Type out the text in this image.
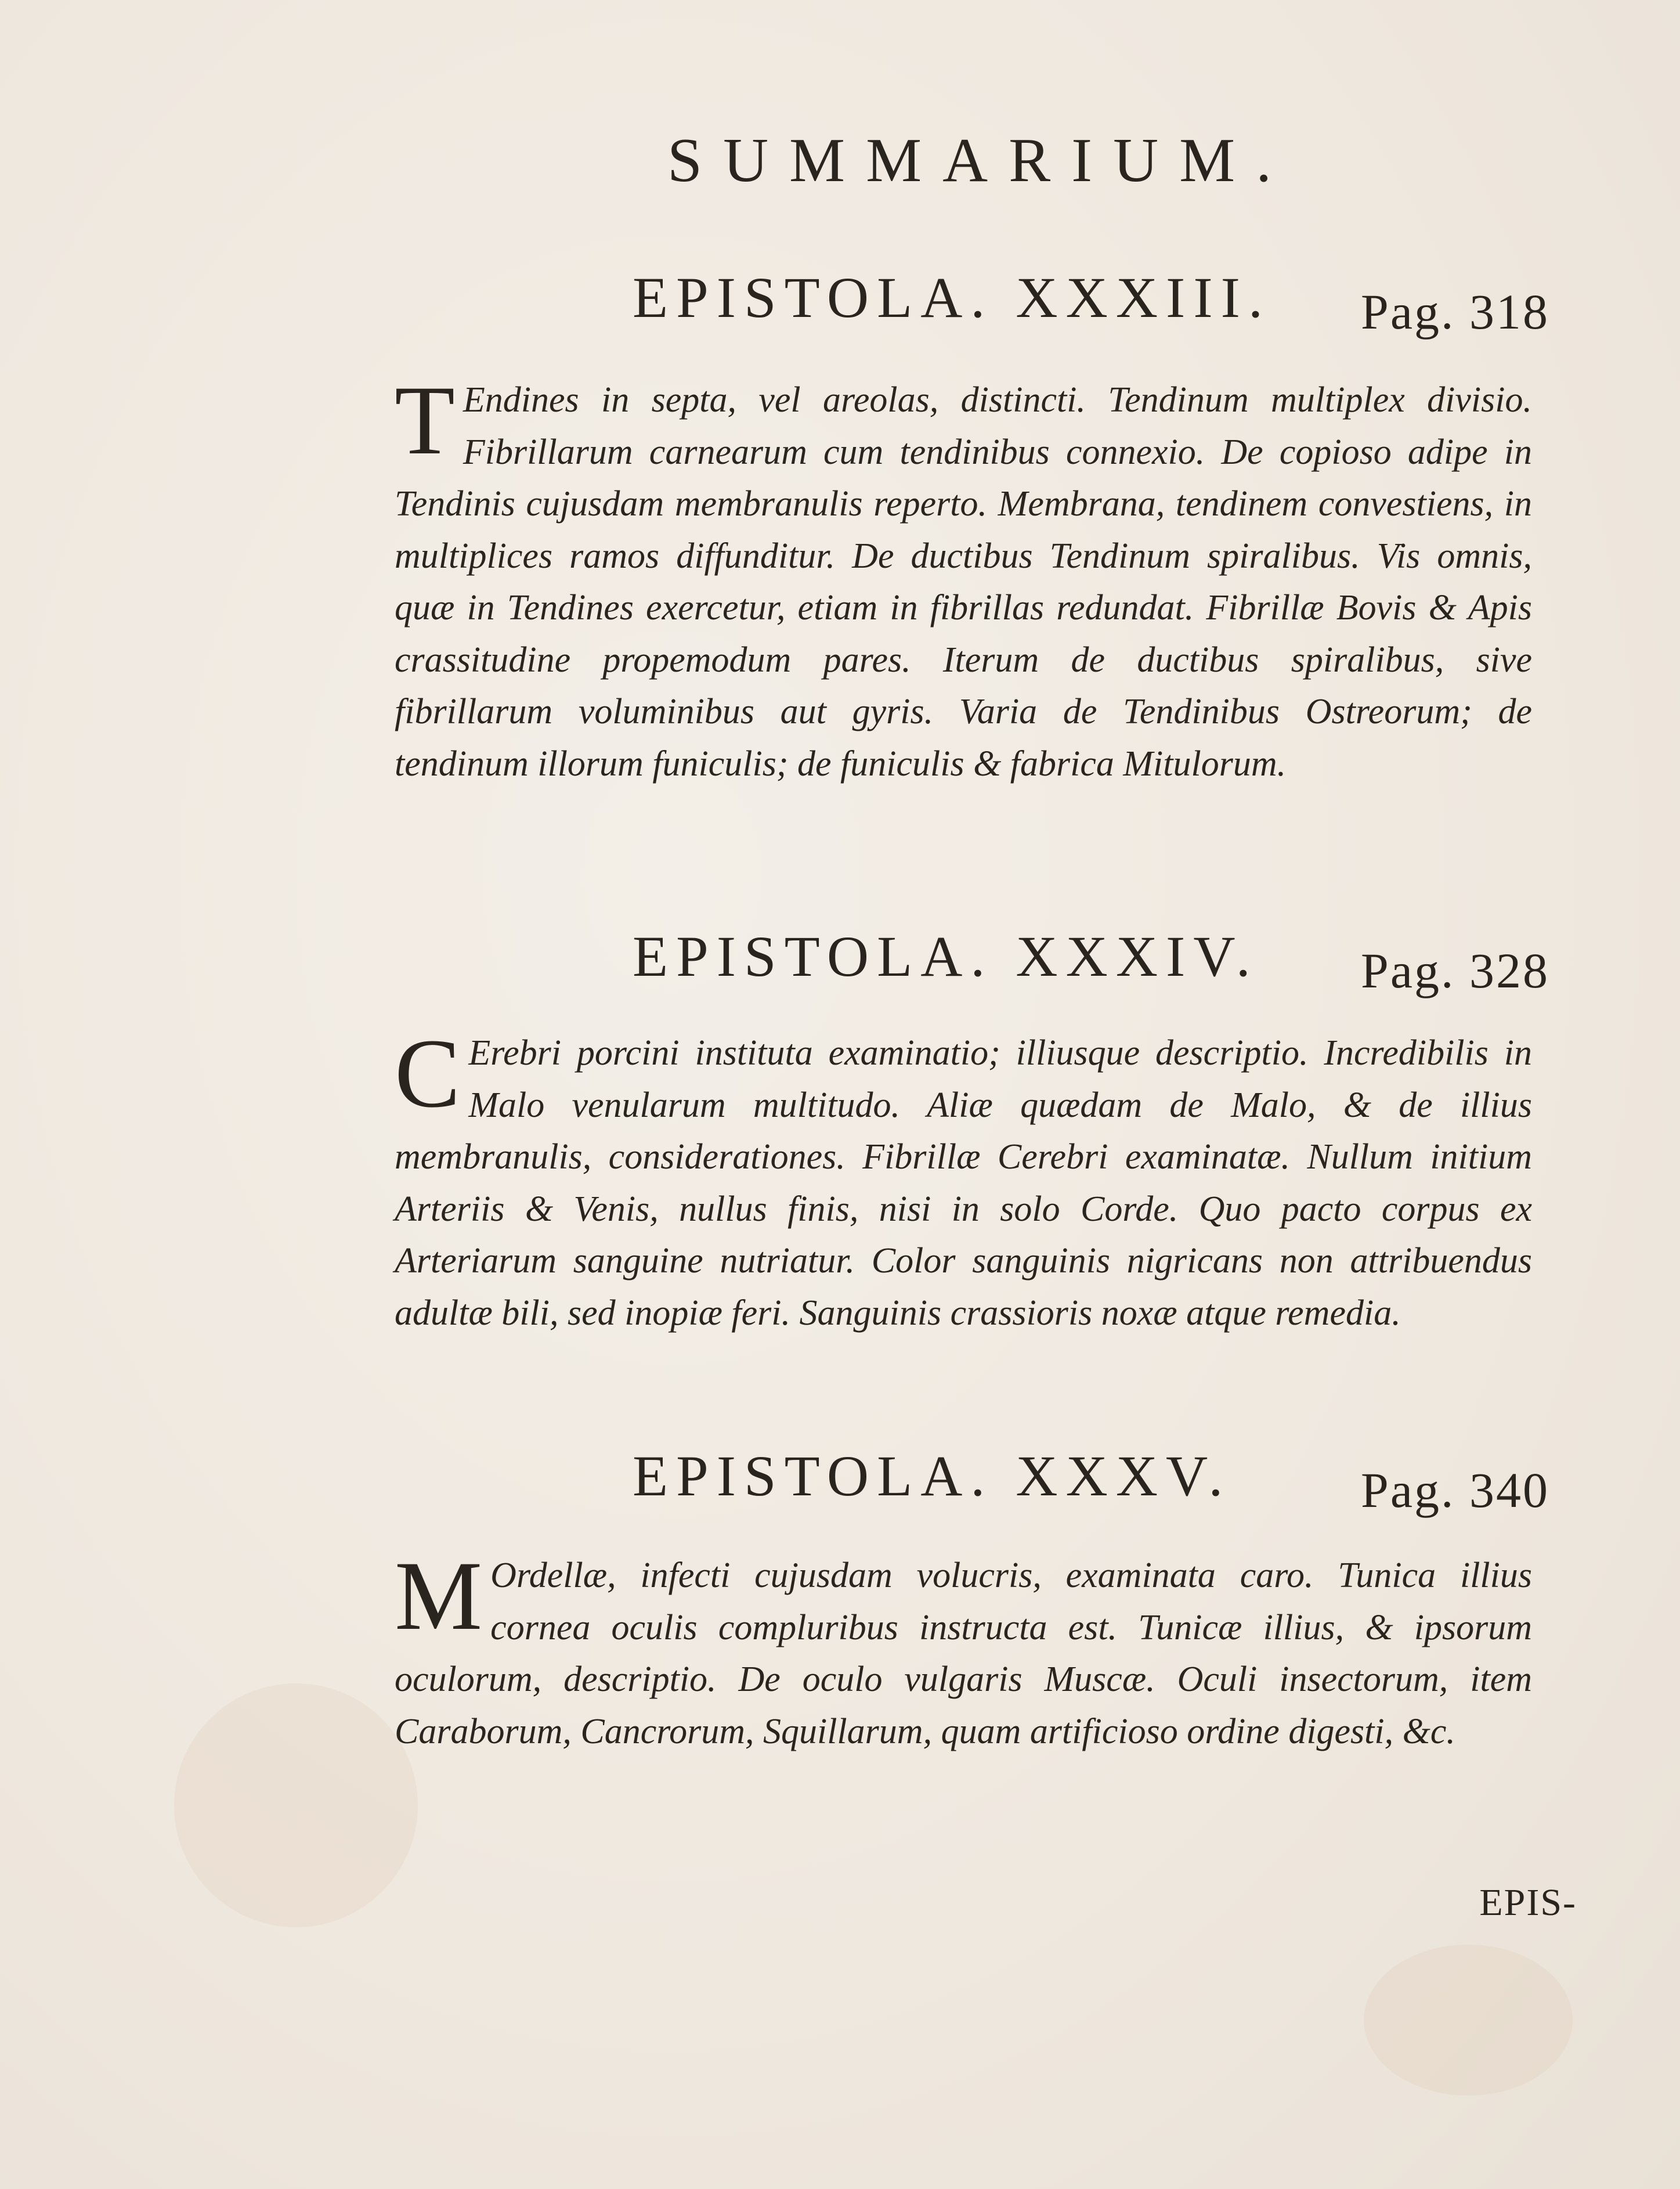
SUMMARIUM.
EPISTOLA. XXXIII. Pag. 318
T Endines in septa, vel areolas, distincti. Tendinum multiplex divisio. Fibrillarum carnearum cum tendinibus connexio. De copioso adipe in Tendinis cujusdam membranulis reperto. Membrana, tendinem convestiens, in multiplices ramos diffunditur. De ductibus Tendinum spiralibus. Vis omnis, quæ in Tendines exercetur, etiam in fibrillas redundat. Fibrillæ Bovis & Apis crassitudine propemodum pares. Iterum de ductibus spiralibus, sive fibrillarum voluminibus aut gyris. Varia de Tendinibus Ostreorum; de tendinum illorum funiculis; de funiculis & fabrica Mitulorum.
EPISTOLA. XXXIV. Pag. 328
C Erebri porcini instituta examinatio; illiusque descriptio. Incredibilis in Malo venularum multitudo. Aliæ quædam de Malo, & de illius membranulis, considerationes. Fibrillæ Cerebri examinatæ. Nullum initium Arteriis & Venis, nullus finis, nisi in solo Corde. Quo pacto corpus ex Arteriarum sanguine nutriatur. Color sanguinis nigricans non attribuendus adultæ bili, sed inopiæ feri. Sanguinis crassioris noxæ atque remedia.
EPISTOLA. XXXV.	Pag. 340
M Ordellæ, infecti cujusdam volucris, examinata caro. Tunica illius cornea oculis compluribus instructa est. Tunicæ illius, & ipsorum oculorum, descriptio. De oculo vulgaris Muscæ. Oculi insectorum, item Caraborum, Cancrorum, Squillarum, quam artificioso ordine digesti, &c.
EPIS-
